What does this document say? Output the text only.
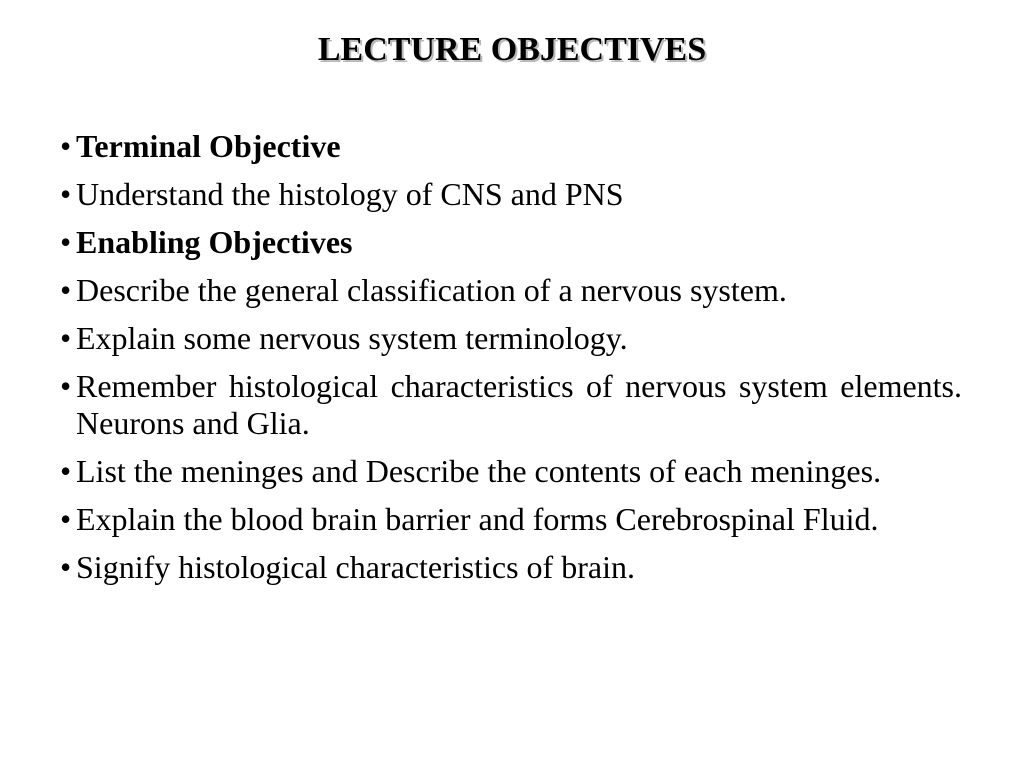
LECTURE OBJECTIVES
• Terminal Objective
• Understand the histology of CNS and PNS
• Enabling Objectives
• Describe the general classification of a nervous system.
• Explain some nervous system terminology.
• Remember histological characteristics of nervous system elements. Neurons and Glia.
• List the meninges and Describe the contents of each meninges.
• Explain the blood brain barrier and forms Cerebrospinal Fluid.
• Signify histological characteristics of brain.
